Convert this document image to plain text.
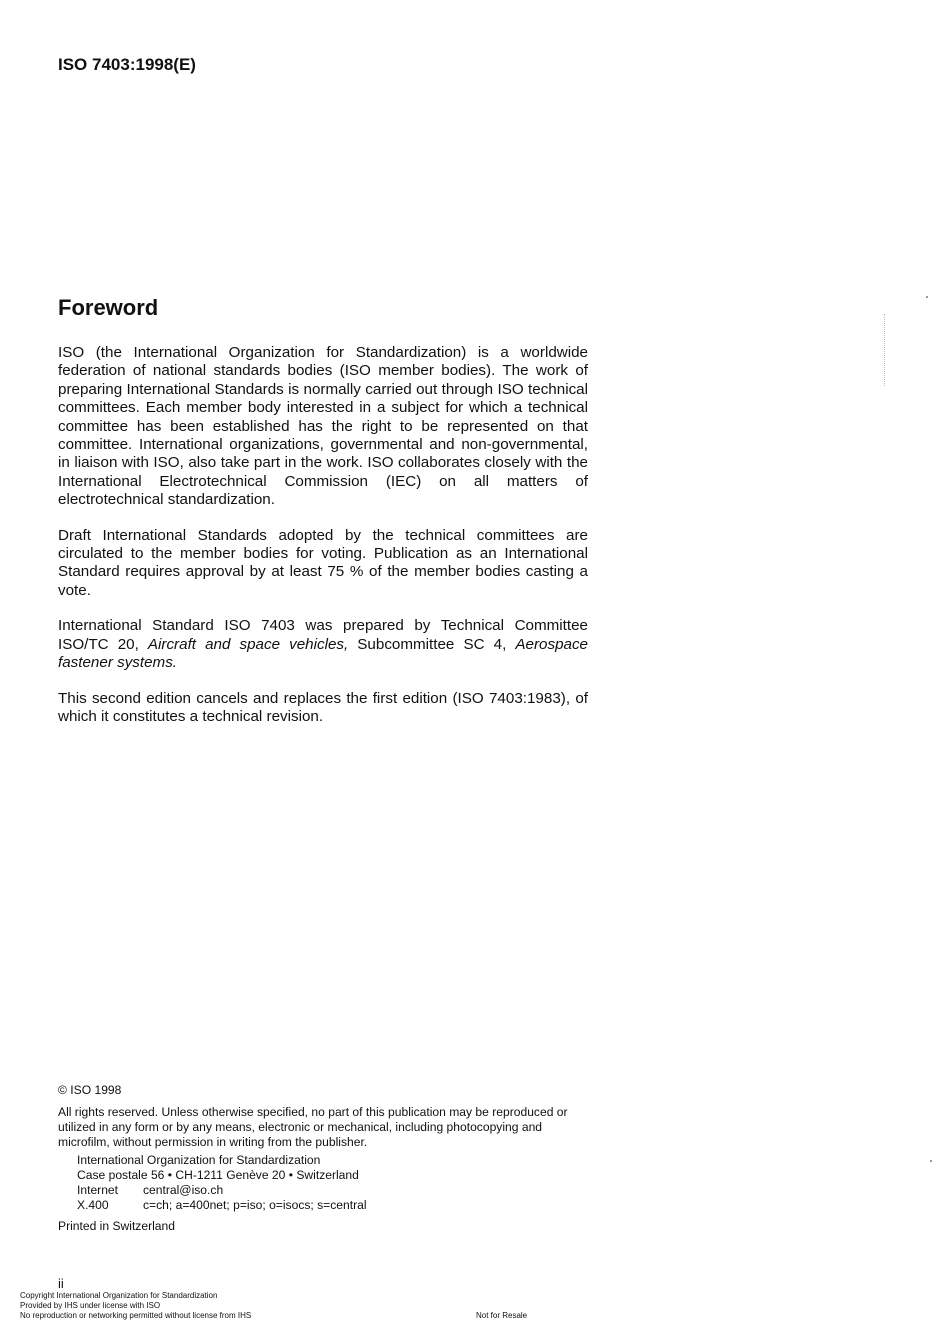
ISO 7403:1998(E)
Foreword

ISO (the International Organization for Standardization) is a worldwide federation of national standards bodies (ISO member bodies). The work of preparing International Standards is normally carried out through ISO technical committees. Each member body interested in a subject for which a technical committee has been established has the right to be represented on that committee. International organizations, governmental and non-governmental, in liaison with ISO, also take part in the work. ISO collaborates closely with the International Electrotechnical Commission (IEC) on all matters of electrotechnical standardization.

Draft International Standards adopted by the technical committees are circulated to the member bodies for voting. Publication as an International Standard requires approval by at least 75 % of the member bodies casting a vote.

International Standard ISO 7403 was prepared by Technical Committee ISO/TC 20, Aircraft and space vehicles, Subcommittee SC 4, Aerospace fastener systems.

This second edition cancels and replaces the first edition (ISO 7403:1983), of which it constitutes a technical revision.

© ISO 1998
All rights reserved. Unless otherwise specified, no part of this publication may be reproduced or utilized in any form or by any means, electronic or mechanical, including photocopying and microfilm, without permission in writing from the publisher.
International Organization for Standardization
Case postale 56 • CH-1211 Genève 20 • Switzerland
Internet	central@iso.ch
X.400	c=ch; a=400net; p=iso; o=isocs; s=central
Printed in Switzerland
ii
Copyright International Organization for Standardization
Provided by IHS under license with ISO
No reproduction or networking permitted without license from IHS	Not for Resale
